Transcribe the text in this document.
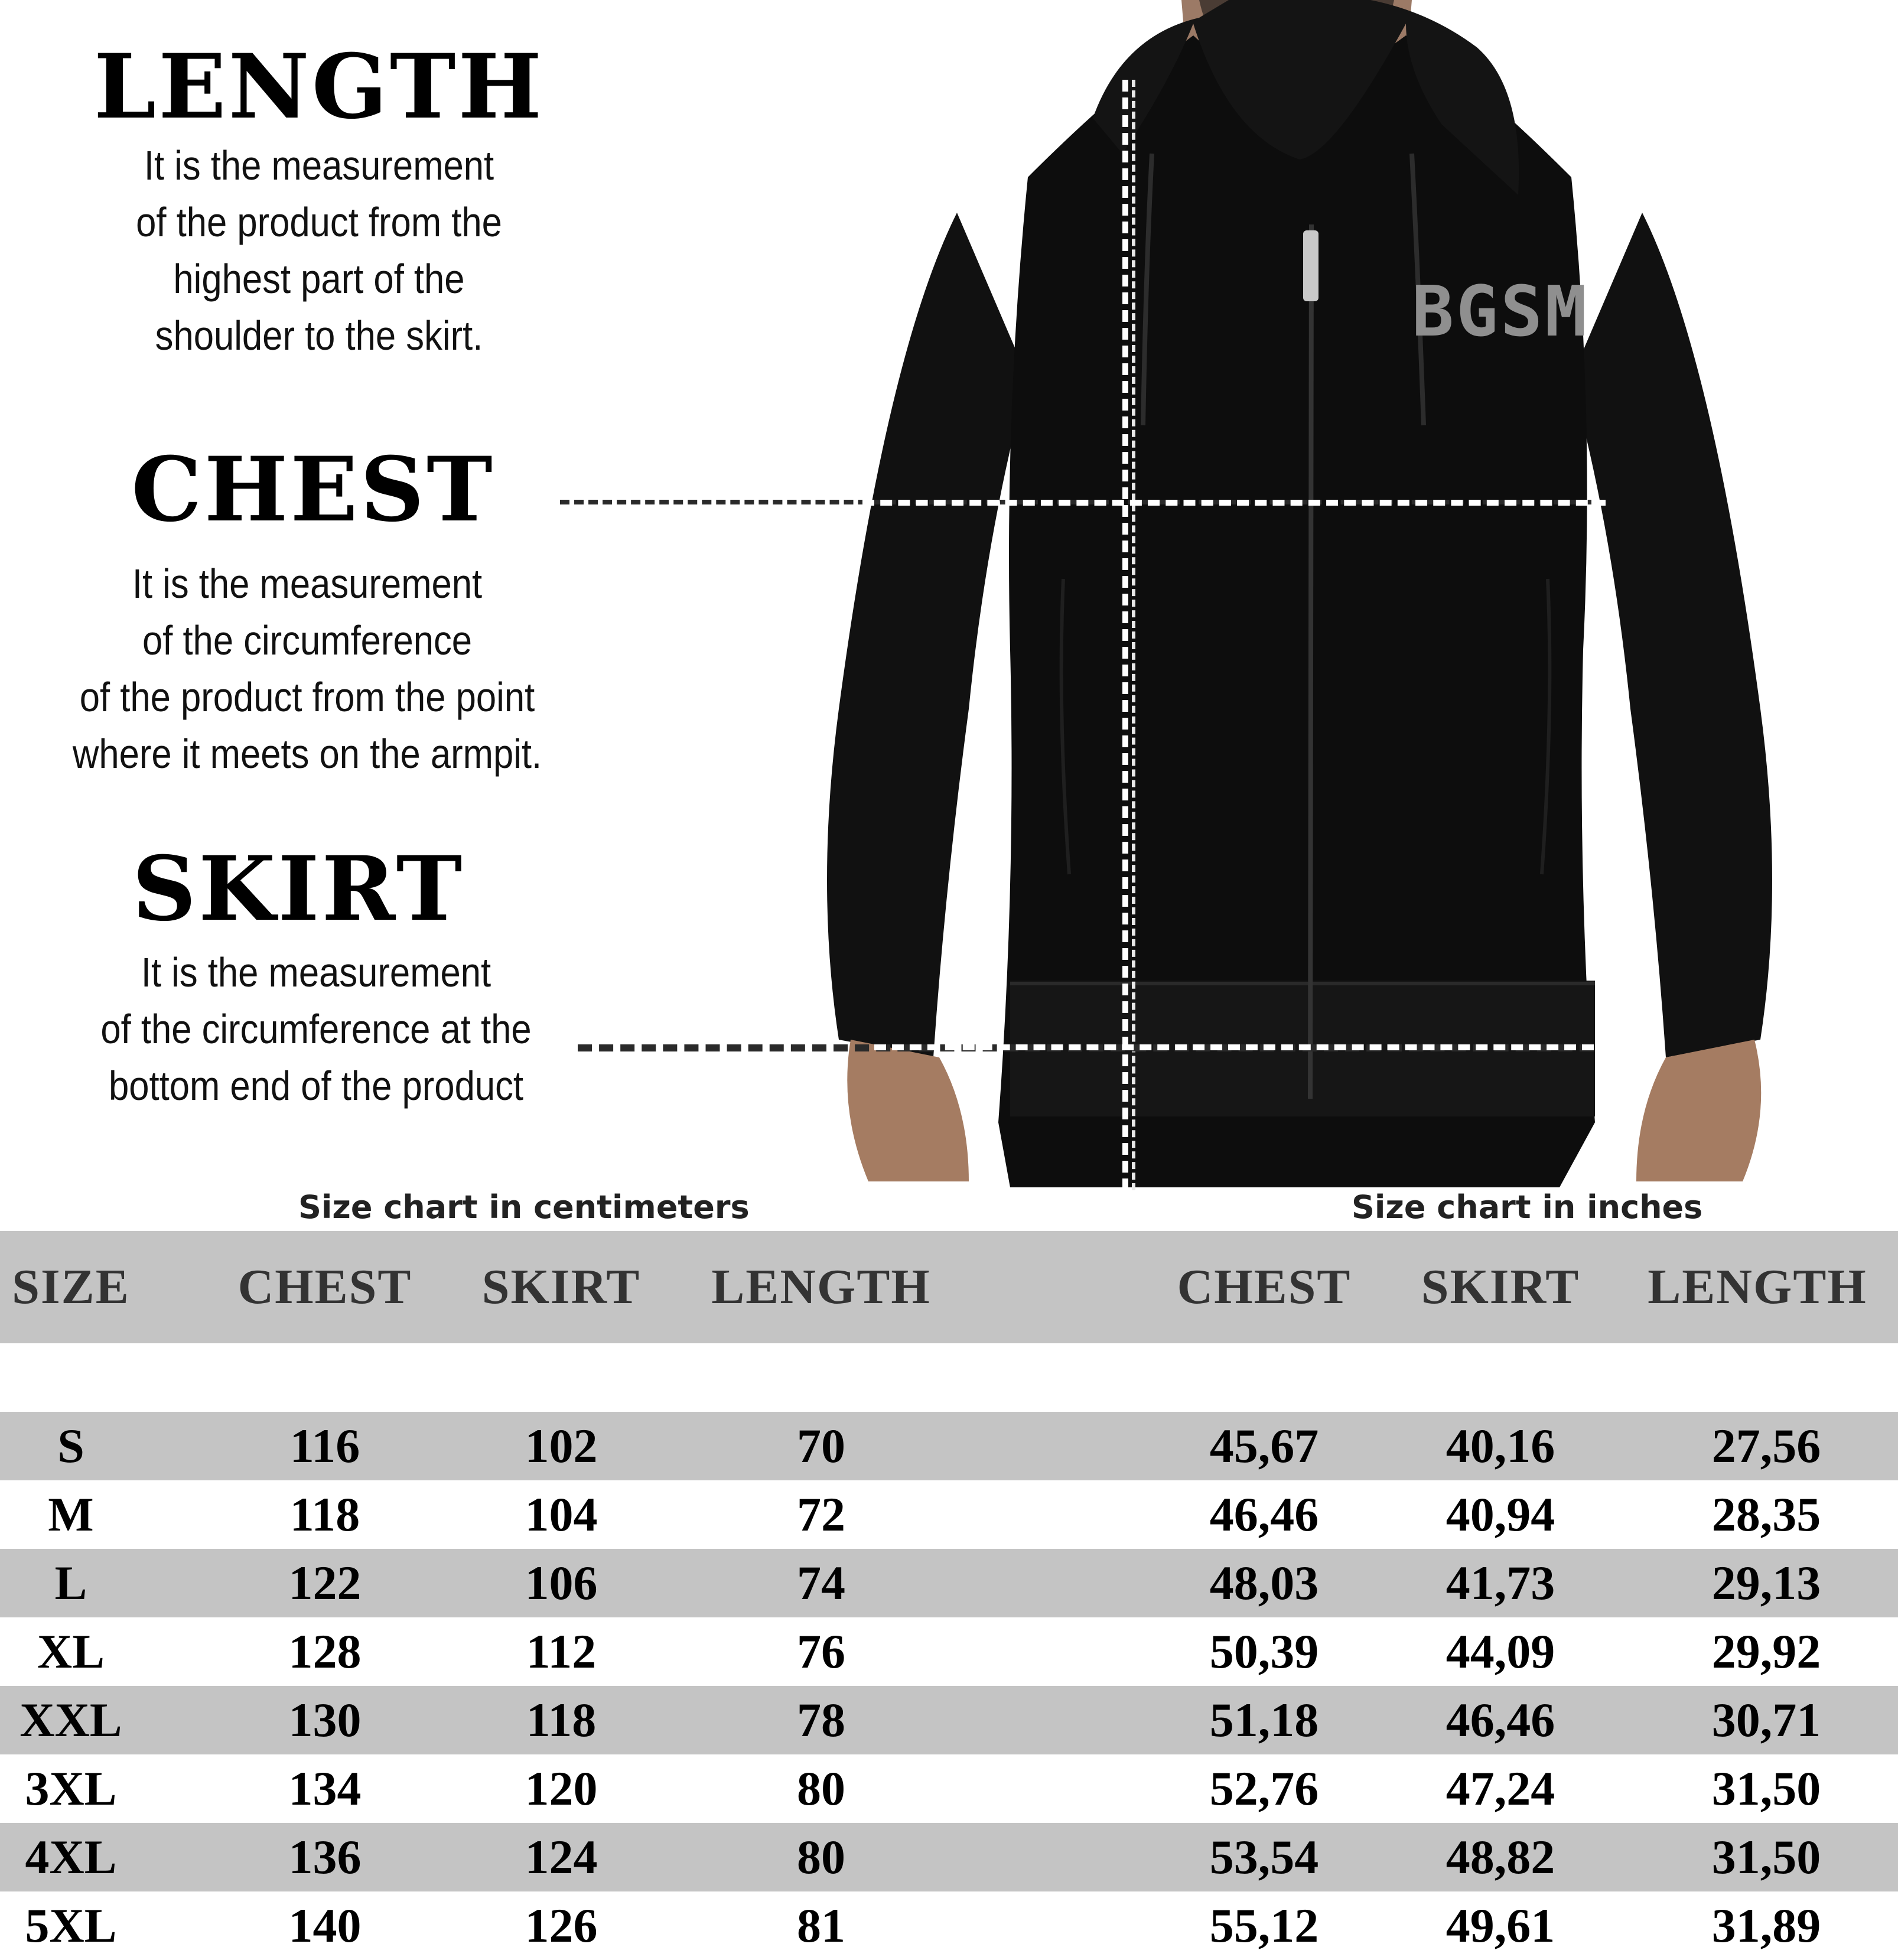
LENGTH
It is the measurement
of the product from the
highest part of the
shoulder to the skirt.
CHEST
It is the measurement
of the circumference
of the product from the point
where it meets on the armpit.
SKIRT
It is the measurement
of the circumference at the
bottom end of the product
BGSM
Size chart in centimeters	Size chart in inches
SIZE	CHEST	SKIRT	LENGTH	CHEST	SKIRT	LENGTH
S	116	102	70	45,67	40,16	27,56
M	118	104	72	46,46	40,94	28,35
L	122	106	74	48,03	41,73	29,13
XL	128	112	76	50,39	44,09	29,92
XXL	130	118	78	51,18	46,46	30,71
3XL	134	120	80	52,76	47,24	31,50
4XL	136	124	80	53,54	48,82	31,50
5XL	140	126	81	55,12	49,61	31,89
